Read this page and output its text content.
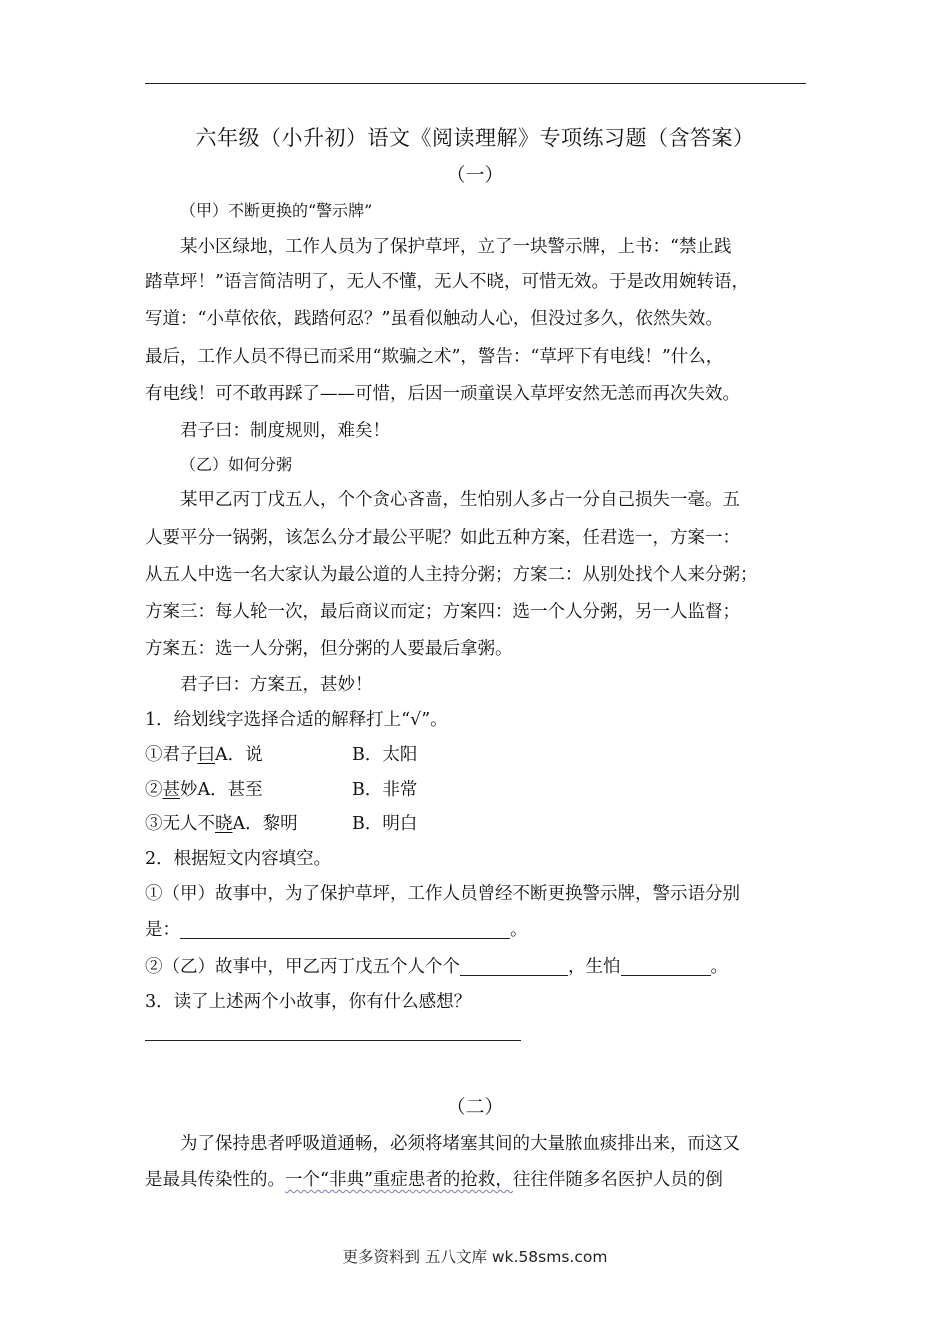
六年级（小升初）语文《阅读理解》专项练习题（含答案）
（一）
（甲）不断更换的“警示牌”
某小区绿地，工作人员为了保护草坪，立了一块警示牌，上书：“禁止践
踏草坪！”语言简洁明了，无人不懂，无人不晓，可惜无效。于是改用婉转语，
写道：“小草依依，践踏何忍？”虽看似触动人心，但没过多久，依然失效。
最后，工作人员不得已而采用“欺骗之术”，警告：“草坪下有电线！”什么，
有电线！可不敢再踩了——可惜，后因一顽童误入草坪安然无恙而再次失效。
君子曰：制度规则，难矣！
（乙）如何分粥
某甲乙丙丁戊五人，个个贪心吝啬，生怕别人多占一分自己损失一毫。五
人要平分一锅粥，该怎么分才最公平呢？如此五种方案，任君选一，方案一：
从五人中选一名大家认为最公道的人主持分粥；方案二：从别处找个人来分粥；
方案三：每人轮一次，最后商议而定；方案四：选一个人分粥，另一人监督；
方案五：选一人分粥，但分粥的人要最后拿粥。
君子曰：方案五，甚妙！
1．给划线字选择合适的解释打上“√”。
①君子曰A．说	B．太阳
②甚妙A．甚至	B．非常
③无人不晓A．黎明	B．明白
2．根据短文内容填空。
①（甲）故事中，为了保护草坪，工作人员曾经不断更换警示牌，警示语分别
是：	。
②（乙）故事中，甲乙丙丁戊五个人个个	，生怕	。
3．读了上述两个小故事，你有什么感想？
（二）
为了保持患者呼吸道通畅，必须将堵塞其间的大量脓血痰排出来，而这又
是最具传染性的。一个“非典”重症患者的抢救，往往伴随多名医护人员的倒
更多资料到 五八文库 wk.58sms.com
